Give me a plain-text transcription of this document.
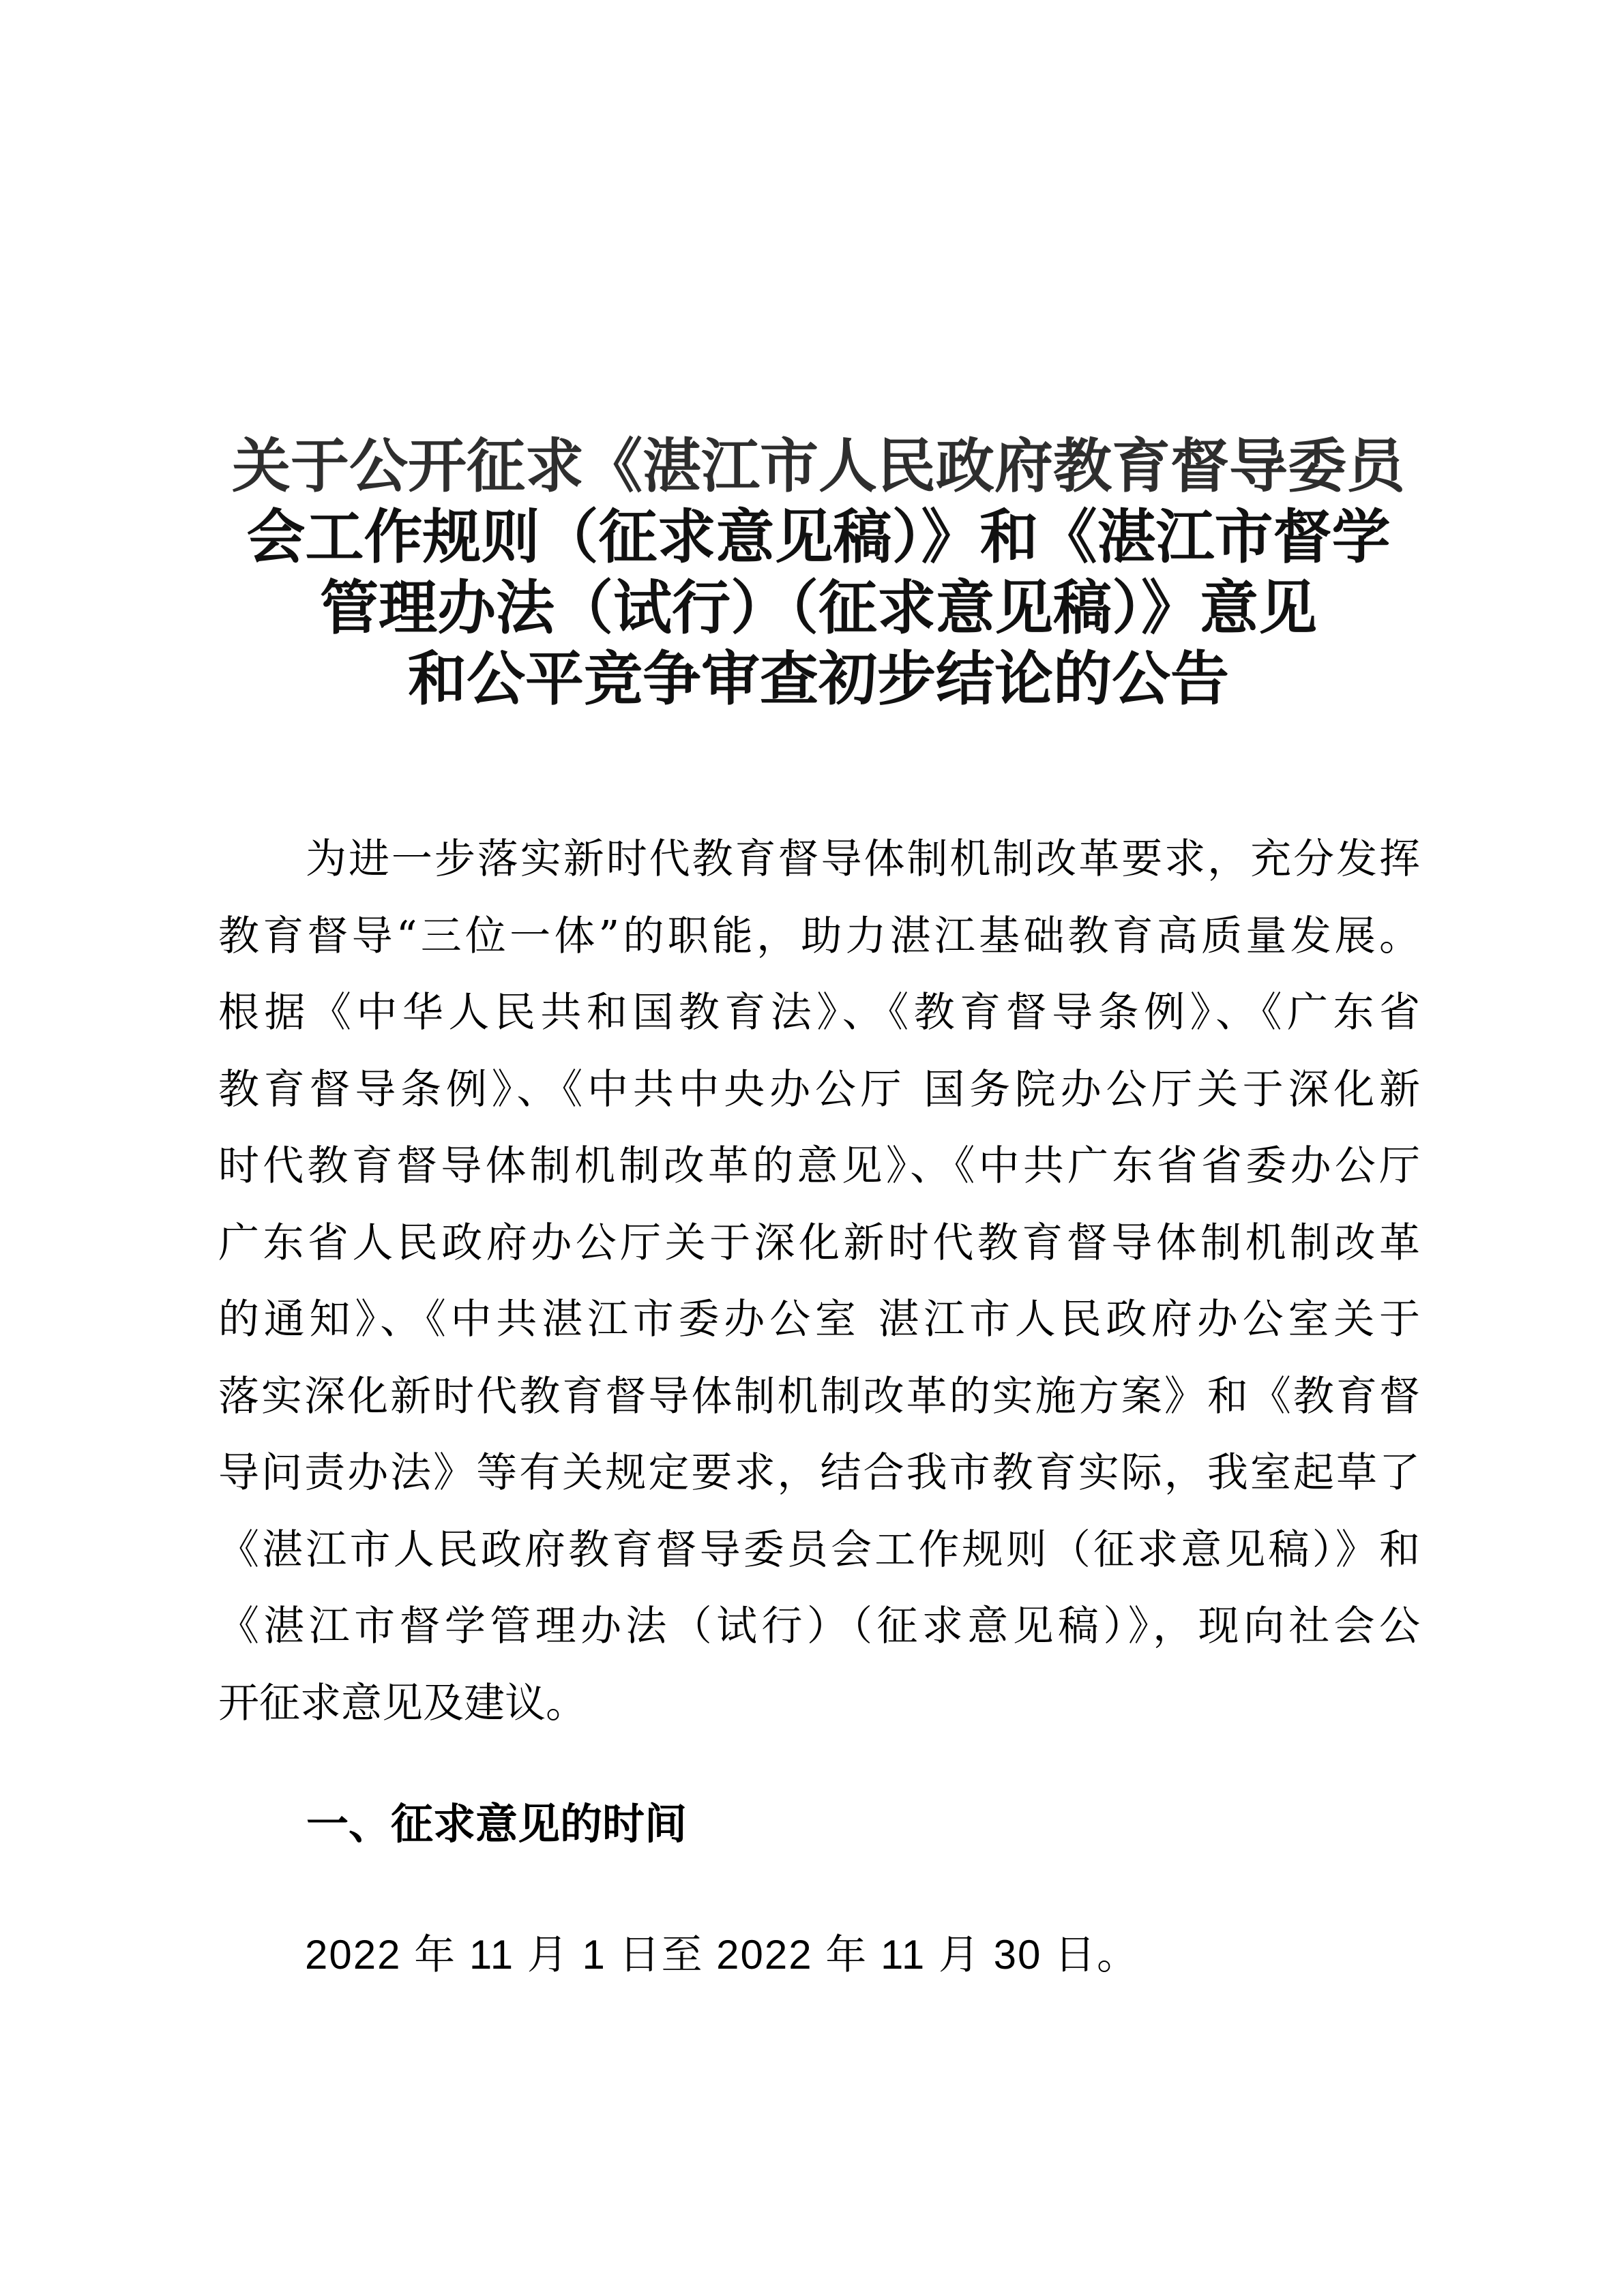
关于公开征求《湛江市人民政府教育督导委员
会工作规则（征求意见稿）》和《湛江市督学
管理办法（试行）（征求意见稿）》意见
和公平竞争审查初步结论的公告
为进一步落实新时代教育督导体制机制改革要求，充分发挥
教育督导“三位一体”的职能，助力湛江基础教育高质量发展。
根据《中华人民共和国教育法》、《教育督导条例》、《广东省
教育督导条例》、《中共中央办公厅 国务院办公厅关于深化新
时代教育督导体制机制改革的意见》、《中共广东省省委办公厅
广东省人民政府办公厅关于深化新时代教育督导体制机制改革
的通知》、《中共湛江市委办公室 湛江市人民政府办公室关于
落实深化新时代教育督导体制机制改革的实施方案》和《教育督
导问责办法》等有关规定要求，结合我市教育实际，我室起草了
《湛江市人民政府教育督导委员会工作规则（征求意见稿）》和
《湛江市督学管理办法（试行）（征求意见稿）》，现向社会公
开征求意见及建议。
一、征求意见的时间
2022 年 11 月 1 日至 2022 年 11 月 30 日。
